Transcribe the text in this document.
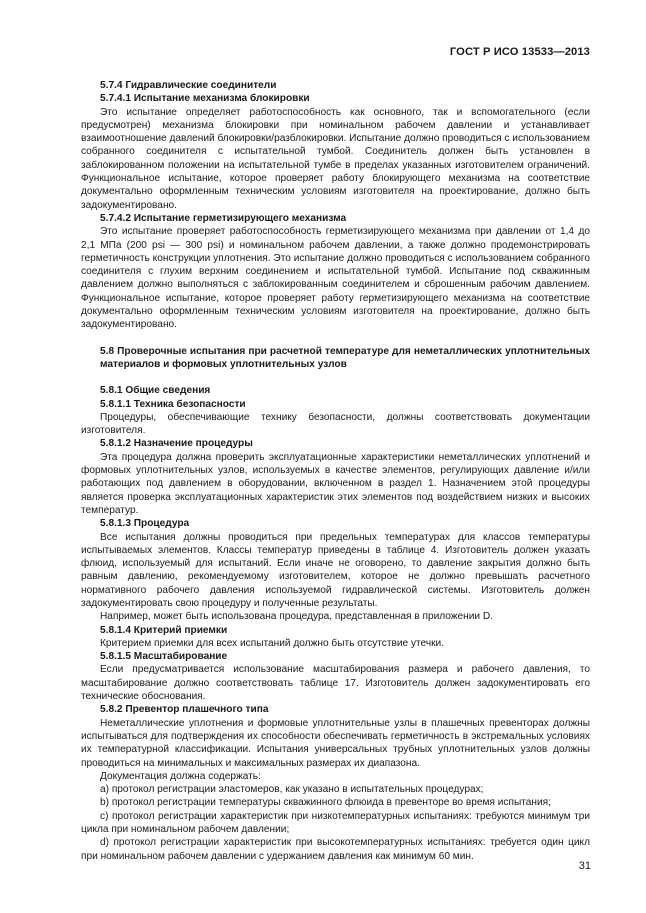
ГОСТ Р ИСО 13533—2013

5.7.4 Гидравлические соединители

5.7.4.1 Испытание механизма блокировки

Это испытание определяет работоспособность как основного, так и вспомогательного (если предусмотрен) механизма блокировки при номинальном рабочем давлении и устанавливает взаимоотношение давлений блокировки/разблокировки. Испытание должно проводиться с использованием собранного соединителя с испытательной тумбой. Соединитель должен быть установлен в заблокированном положении на испытательной тумбе в пределах указанных изготовителем ограничений. Функциональное испытание, которое проверяет работу блокирующего механизма на соответствие документально оформленным техническим условиям изготовителя на проектирование, должно быть задокументировано.

5.7.4.2 Испытание герметизирующего механизма

Это испытание проверяет работоспособность герметизирующего механизма при давлении от 1,4 до 2,1 МПа (200 psi — 300 psi) и номинальном рабочем давлении, а также должно продемонстрировать герметичность конструкции уплотнения. Это испытание должно проводиться с использованием собранного соединителя с глухим верхним соединением и испытательной тумбой. Испытание под скважинным давлением должно выполняться с заблокированным соединителем и сброшенным рабочим давлением. Функциональное испытание, которое проверяет работу герметизирующего механизма на соответствие документально оформленным техническим условиям изготовителя на проектирование, должно быть задокументировано.

5.8 Проверочные испытания при расчетной температуре для неметаллических уплотнительных материалов и формовых уплотнительных узлов

5.8.1 Общие сведения

5.8.1.1 Техника безопасности

Процедуры, обеспечивающие технику безопасности, должны соответствовать документации изготовителя.

5.8.1.2 Назначение процедуры

Эта процедура должна проверить эксплуатационные характеристики неметаллических уплотнений и формовых уплотнительных узлов, используемых в качестве элементов, регулирующих давление и/или работающих под давлением в оборудовании, включенном в раздел 1. Назначением этой процедуры является проверка эксплуатационных характеристик этих элементов под воздействием низких и высоких температур.

5.8.1.3 Процедура

Все испытания должны проводиться при предельных температурах для классов температуры испытываемых элементов. Классы температур приведены в таблице 4. Изготовитель должен указать флюид, используемый для испытаний. Если иначе не оговорено, то давление закрытия должно быть равным давлению, рекомендуемому изготовителем, которое не должно превышать расчетного нормативного рабочего давления используемой гидравлической системы. Изготовитель должен задокументировать свою процедуру и полученные результаты.

Например, может быть использована процедура, представленная в приложении D.

5.8.1.4 Критерий приемки

Критерием приемки для всех испытаний должно быть отсутствие утечки.

5.8.1.5 Масштабирование

Если предусматривается использование масштабирования размера и рабочего давления, то масштабирование должно соответствовать таблице 17. Изготовитель должен задокументировать его технические обоснования.

5.8.2 Превентор плашечного типа

Неметаллические уплотнения и формовые уплотнительные узлы в плашечных превенторах должны испытываться для подтверждения их способности обеспечивать герметичность в экстремальных условиях их температурной классификации. Испытания универсальных трубных уплотнительных узлов должны проводиться на минимальных и максимальных размерах их диапазона.

Документация должна содержать:

a) протокол регистрации эластомеров, как указано в испытательных процедурах;

b) протокол регистрации температуры скважинного флюида в превенторе во время испытания;

c) протокол регистрации характеристик при низкотемпературных испытаниях: требуются минимум три цикла при номинальном рабочем давлении;

d) протокол регистрации характеристик при высокотемпературных испытаниях: требуется один цикл при номинальном рабочем давлении с удержанием давления как минимум 60 мин.

31
